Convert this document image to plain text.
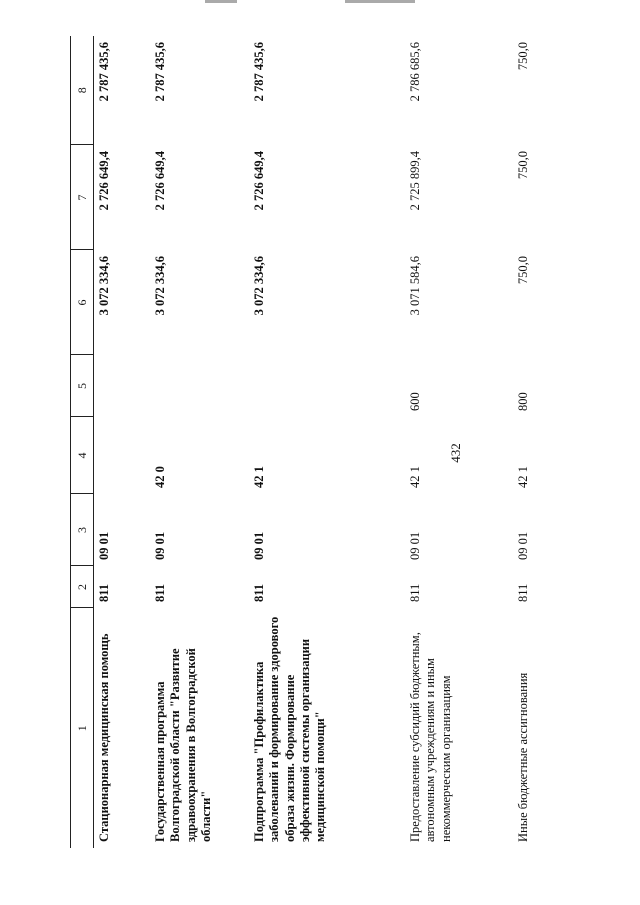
432
1	2	3	4	5	6	7	8
Стационарная медицинская помощь	811	09 01			3 072 334,6	2 726 649,4	2 787 435,6
Государственная программа Волгоградской области "Развитие здравоохранения в Волгоградской области"	811	09 01	42 0		3 072 334,6	2 726 649,4	2 787 435,6
Подпрограмма "Профилактика заболеваний и формирование здорового образа жизни. Формирование эффективной системы организации медицинской помощи"	811	09 01	42 1		3 072 334,6	2 726 649,4	2 787 435,6
Предоставление субсидий бюджетным, автономным учреждениям и иным некоммерческим организациям	811	09 01	42 1	600	3 071 584,6	2 725 899,4	2 786 685,6
Иные бюджетные ассигнования	811	09 01	42 1	800	750,0	750,0	750,0
